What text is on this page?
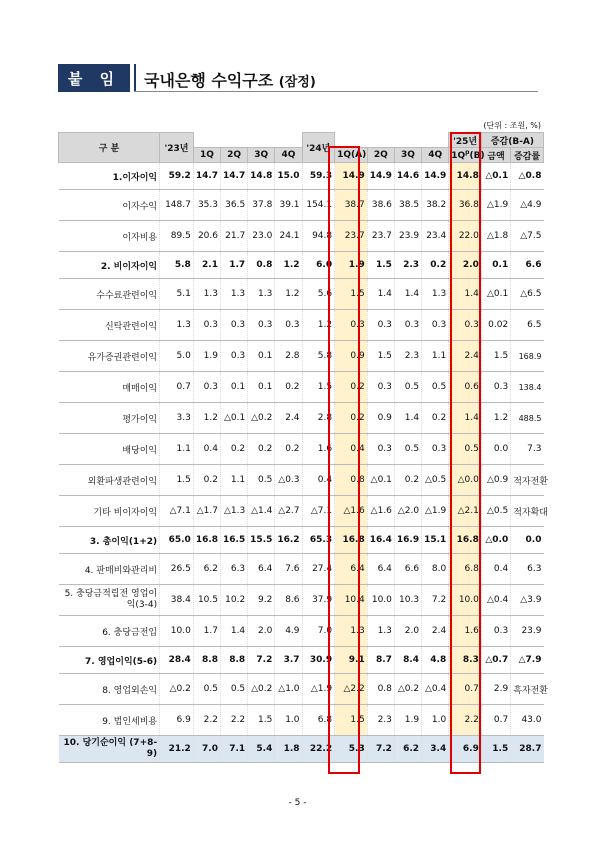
붙 임	국내은행 수익구조 (잠정)
(단위 : 조원, %)
구 분	'23년					'24년					'25년	증감(B-A)	
		1Q	2Q	3Q	4Q		1Q(A)	2Q	3Q	4Q	$1Q^p(B)$	금액	증감률
1.이자이익	59.2	14.7	14.7	14.8	15.0	59.3	14.9	14.9	14.6	14.9	14.8	△0.1	△0.8
이자수익	148.7	35.3	36.5	37.8	39.1	154.1	38.7	38.6	38.5	38.2	36.8	△1.9	△4.9
이자비용	89.5	20.6	21.7	23.0	24.1	94.8	23.7	23.7	23.9	23.4	22.0	△1.8	△7.5
2. 비이자이익	5.8	2.1	1.7	0.8	1.2	6.0	1.9	1.5	2.3	0.2	2.0	0.1	6.6
수수료관련이익	5.1	1.3	1.3	1.3	1.2	5.6	1.5	1.4	1.4	1.3	1.4	△0.1	△6.5
신탁관련이익	1.3	0.3	0.3	0.3	0.3	1.2	0.3	0.3	0.3	0.3	0.3	0.02	6.5
유가증권관련이익	5.0	1.9	0.3	0.1	2.8	5.8	0.9	1.5	2.3	1.1	2.4	1.5	168.9
매매이익	0.7	0.3	0.1	0.1	0.2	1.5	0.2	0.3	0.5	0.5	0.6	0.3	138.4
평가이익	3.3	1.2	△0.1	△0.2	2.4	2.8	0.2	0.9	1.4	0.2	1.4	1.2	488.5
배당이익	1.1	0.4	0.2	0.2	0.2	1.6	0.4	0.3	0.5	0.3	0.5	0.0	7.3
외환파생관련이익	1.5	0.2	1.1	0.5	△0.3	0.4	0.8	△0.1	0.2	△0.5	△0.0	△0.9	적자전환
기타 비이자이익	△7.1	△1.7	△1.3	△1.4	△2.7	△7.1	△1.6	△1.6	△2.0	△1.9	△2.1	△0.5	적자확대
3. 총이익(1+2)	65.0	16.8	16.5	15.5	16.2	65.3	16.8	16.4	16.9	15.1	16.8	△0.0	0.0
4. 판매비와관리비	26.5	6.2	6.3	6.4	7.6	27.4	6.4	6.4	6.6	8.0	6.8	0.4	6.3
5. 충당금적립전 영업이익(3-4)	38.4	10.5	10.2	9.2	8.6	37.9	10.4	10.0	10.3	7.2	10.0	△0.4	△3.9
6. 충당금전입	10.0	1.7	1.4	2.0	4.9	7.0	1.3	1.3	2.0	2.4	1.6	0.3	23.9
7. 영업이익(5-6)	28.4	8.8	8.8	7.2	3.7	30.9	9.1	8.7	8.4	4.8	8.3	△0.7	△7.9
8. 영업외손익	△0.2	0.5	0.5	△0.2	△1.0	△1.9	△2.2	0.8	△0.2	△0.4	0.7	2.9	흑자전환
9. 법인세비용	6.9	2.2	2.2	1.5	1.0	6.8	1.5	2.3	1.9	1.0	2.2	0.7	43.0
10. 당기순이익 (7+8-9)	21.2	7.0	7.1	5.4	1.8	22.2	5.3	7.2	6.2	3.4	6.9	1.5	28.7
- 5 -
